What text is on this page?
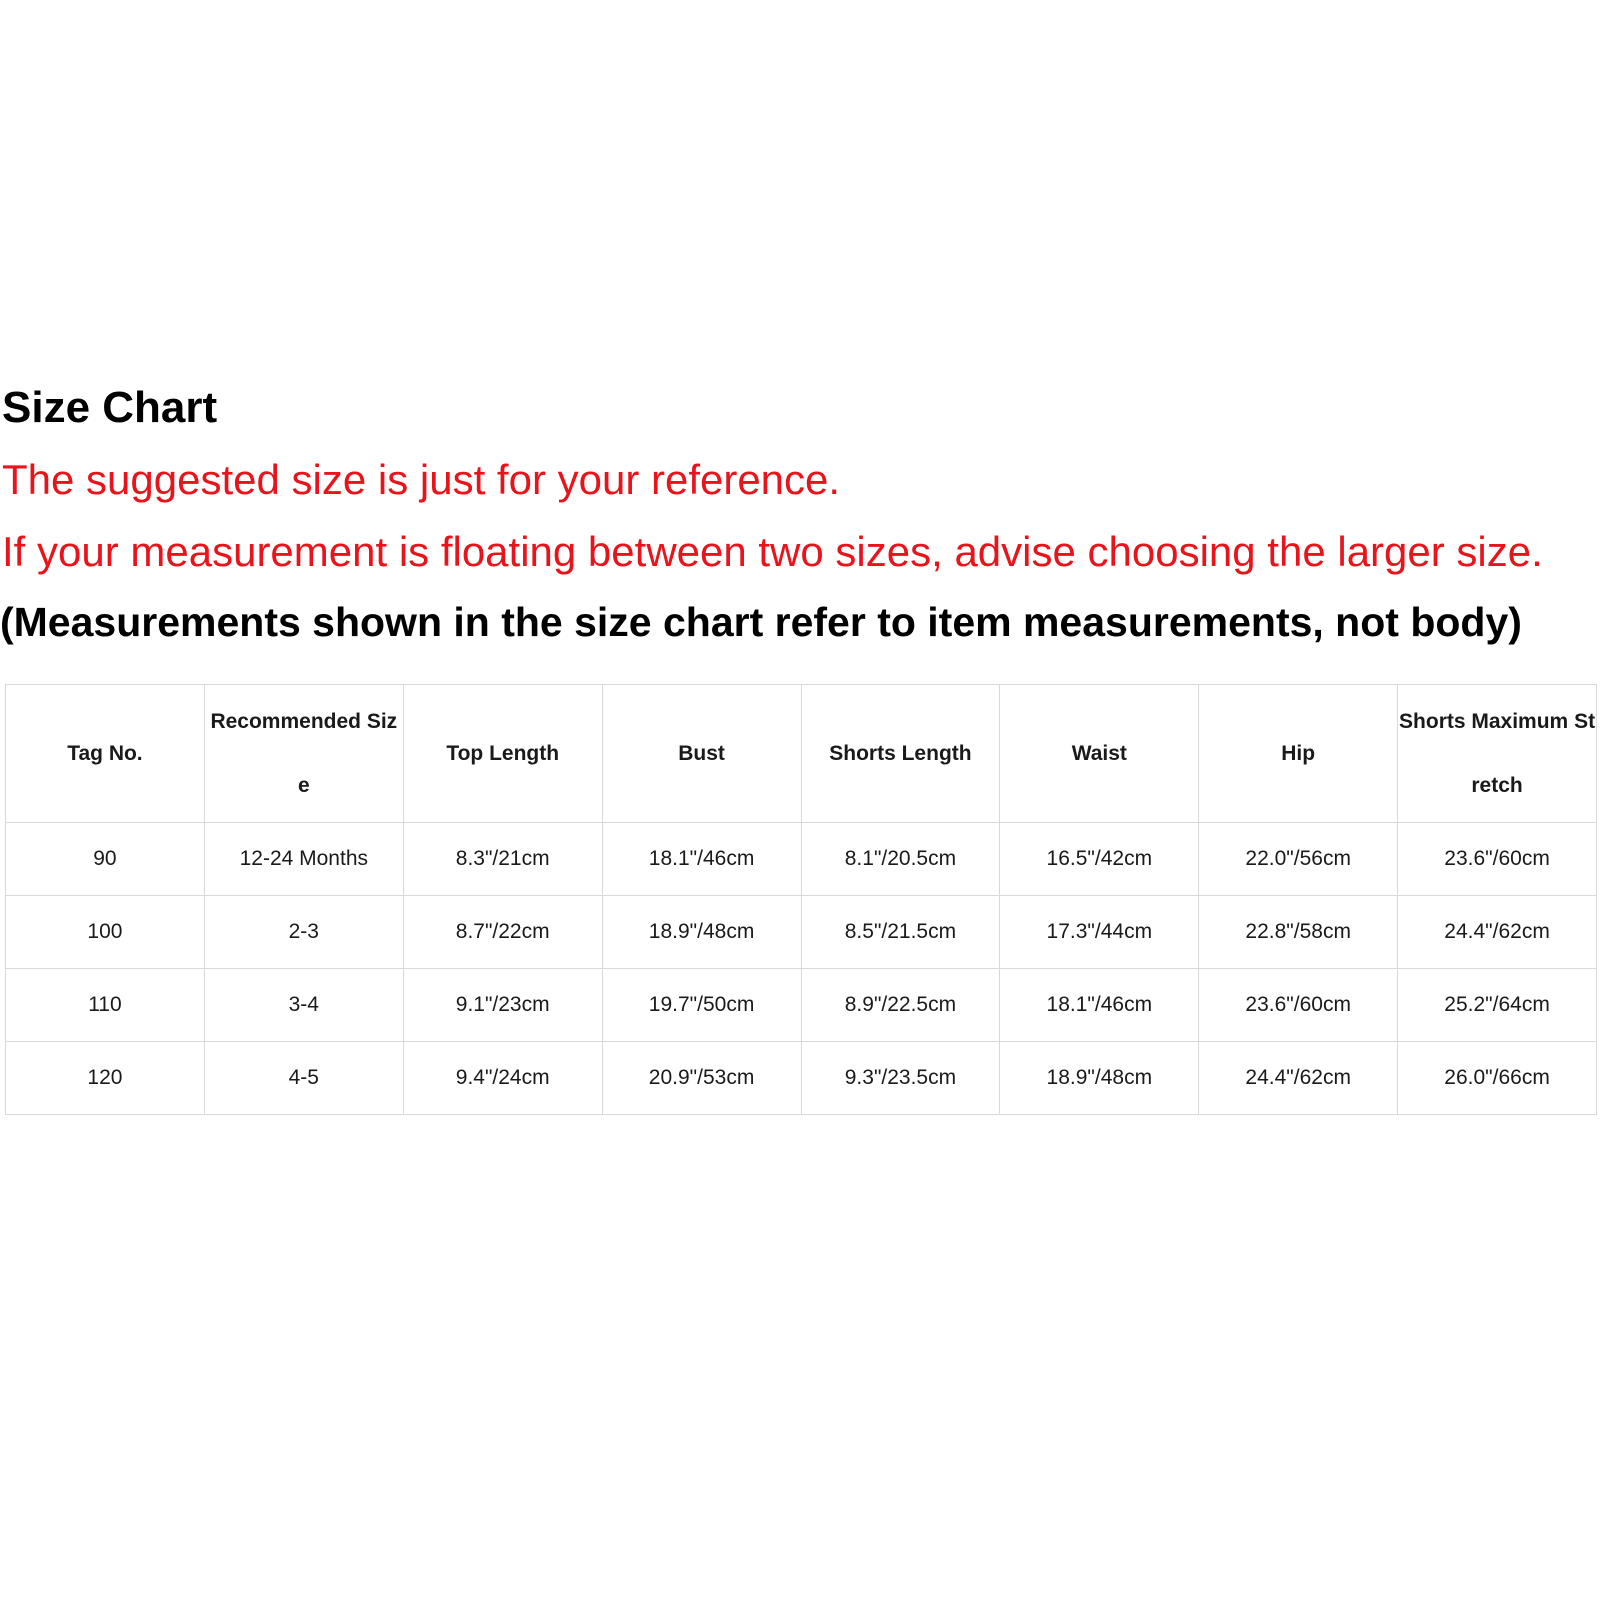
Size Chart
The suggested size is just for your reference.
If your measurement is floating between two sizes, advise choosing the larger size.
(Measurements shown in the size chart refer to item measurements, not body)
Tag No.	Recommended Size	Top Length	Bust	Shorts Length	Waist	Hip	Shorts Maximum Stretch
90	12-24 Months	8.3"/21cm	18.1"/46cm	8.1"/20.5cm	16.5"/42cm	22.0"/56cm	23.6"/60cm
100	2-3	8.7"/22cm	18.9"/48cm	8.5"/21.5cm	17.3"/44cm	22.8"/58cm	24.4"/62cm
110	3-4	9.1"/23cm	19.7"/50cm	8.9"/22.5cm	18.1"/46cm	23.6"/60cm	25.2"/64cm
120	4-5	9.4"/24cm	20.9"/53cm	9.3"/23.5cm	18.9"/48cm	24.4"/62cm	26.0"/66cm
